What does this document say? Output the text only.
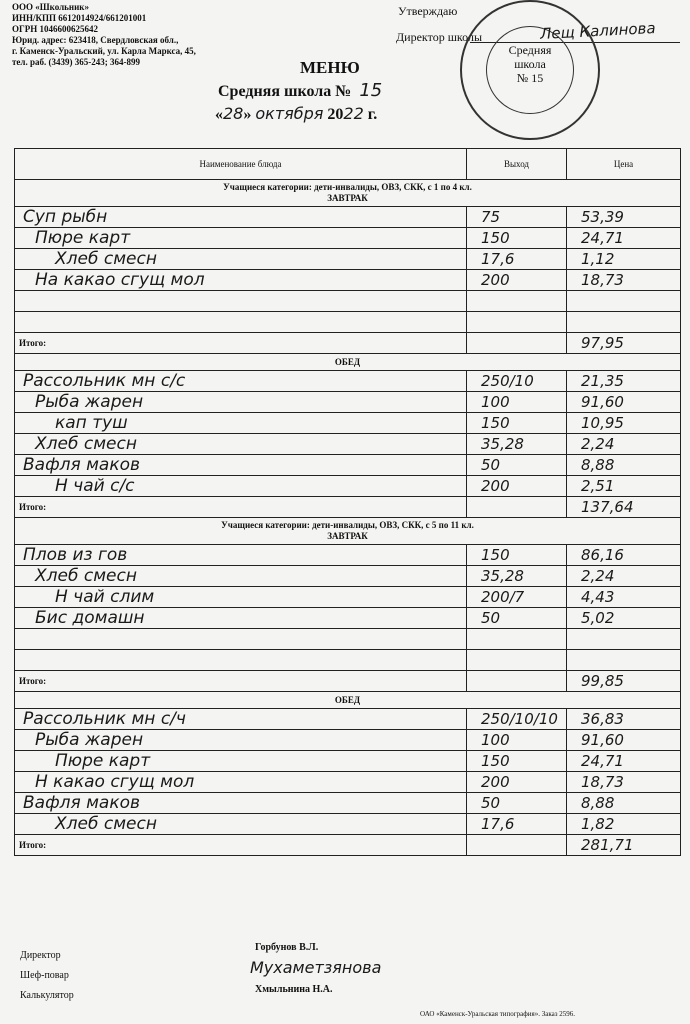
ООО «Школьник»
ИНН/КПП 6612014924/661201001
ОГРН 1046600625642
Юрид. адрес: 623418, Свердловская обл.,
г. Каменск-Уральский, ул. Карла Маркса, 45,
тел. раб. (3439) 365-243; 364-899
Утверждаю
Директор школы
Средняя
школа
№ 15
Лещ Калинова
МЕНЮ
Средняя школа № 15
«28» октября 2022 г.
Наименование блюда	Выход	Цена

Учащиеся категории: дети-инвалиды, ОВЗ, СКК, с 1 по 4 кл.
ЗАВТРАК		

Суп рыбн	75	53,39
Пюре карт	150	24,71
Хлеб смесн	17,6	1,12
На какао сгущ мол	200	18,73

Итого:		97,95
ОБЕД		
Рассольник мн с/с	250/10	21,35
Рыба жарен	100	91,60
кап туш	150	10,95
Хлеб смесн	35,28	2,24
Вафля маков	50	8,88
Н чай с/с	200	2,51
Итого:		137,64

Учащиеся категории: дети-инвалиды, ОВЗ, СКК, с 5 по 11 кл.
ЗАВТРАК		

Плов из гов	150	86,16
Хлеб смесн	35,28	2,24
Н чай слим	200/7	4,43
Бис домашн	50	5,02

Итого:		99,85
ОБЕД		
Рассольник мн с/ч	250/10/10	36,83
Рыба жарен	100	91,60
Пюре карт	150	24,71
Н какао сгущ мол	200	18,73
Вафля маков	50	8,88
Хлеб смесн	17,6	1,82
Итого:		281,71
Директор
Шеф-повар
Калькулятор
Горбунов В.Л.
Мухаметзянова
Хмыльнина Н.А.
ОАО «Каменск-Уральская типография». Заказ 2596.
